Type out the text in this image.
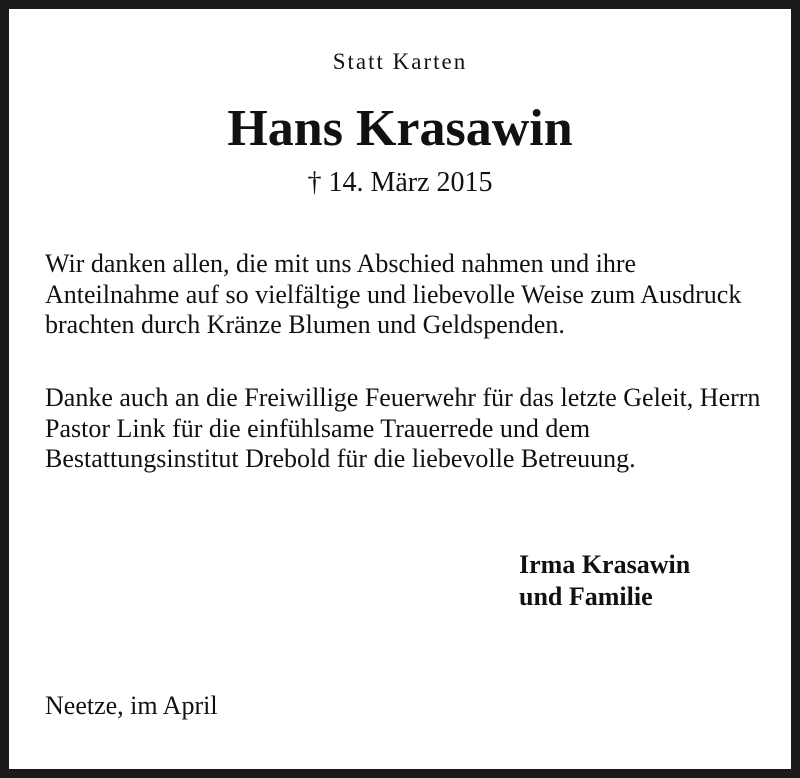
Statt Karten
Hans Krasawin
† 14. März 2015

Wir danken allen, die mit uns Abschied nahmen und ihre Anteilnahme auf so vielfältige und liebevolle Weise zum Ausdruck brachten durch Kränze Blumen und Geldspenden.

Danke auch an die Freiwillige Feuerwehr für das letzte Geleit, Herrn Pastor Link für die einfühlsame Trauerrede und dem Bestattungsinstitut Drebold für die liebevolle Betreuung.

Irma Krasawin
und Familie
Neetze, im April
